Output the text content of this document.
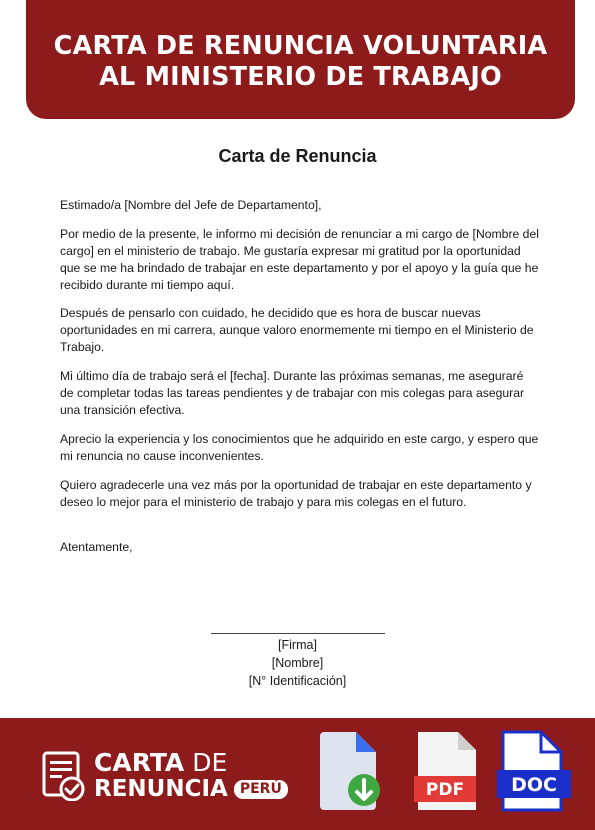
CARTA DE RENUNCIA VOLUNTARIA
AL MINISTERIO DE TRABAJO
Carta de Renuncia

Estimado/a [Nombre del Jefe de Departamento],

Por medio de la presente, le informo mi decisión de renunciar a mi cargo de [Nombre del cargo] en el ministerio de trabajo. Me gustaría expresar mi gratitud por la oportunidad que se me ha brindado de trabajar en este departamento y por el apoyo y la guía que he recibido durante mi tiempo aquí.

Después de pensarlo con cuidado, he decidido que es hora de buscar nuevas oportunidades en mi carrera, aunque valoro enormemente mi tiempo en el Ministerio de Trabajo.

Mi último día de trabajo será el [fecha]. Durante las próximas semanas, me aseguraré de completar todas las tareas pendientes y de trabajar con mis colegas para asegurar una transición efectiva.

Aprecio la experiencia y los conocimientos que he adquirido en este cargo, y espero que mi renuncia no cause inconvenientes.

Quiero agradecerle una vez más por la oportunidad de trabajar en este departamento y deseo lo mejor para el ministerio de trabajo y para mis colegas en el futuro.

Atentamente,

[Firma]
[Nombre]
[N° Identificación]
CARTA DE
RENUNCIA PERÚ	PDF	DOC
